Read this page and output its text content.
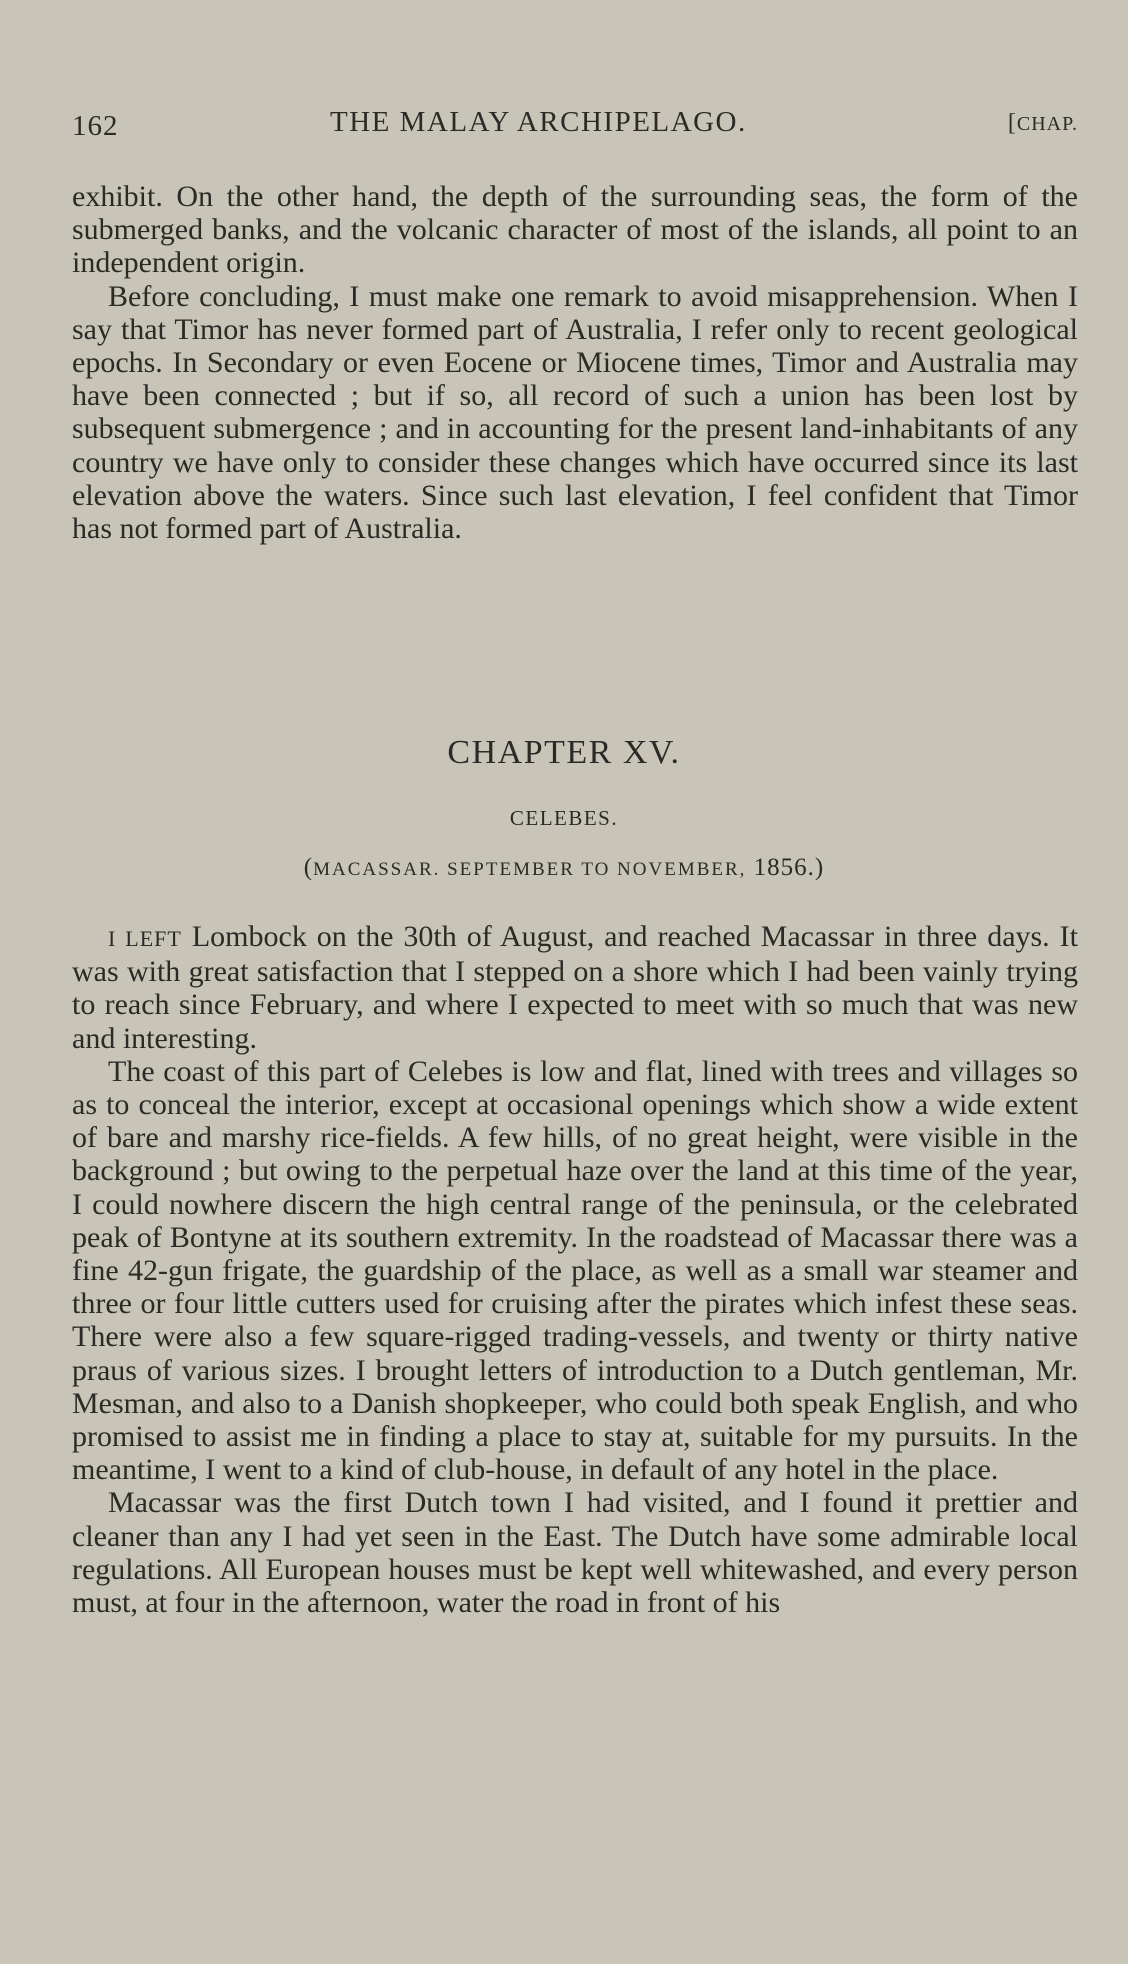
162	THE MALAY ARCHIPELAGO.	[CHAP.

exhibit. On the other hand, the depth of the surrounding seas, the form of the submerged banks, and the volcanic character of most of the islands, all point to an independent origin.

Before concluding, I must make one remark to avoid misapprehension. When I say that Timor has never formed part of Australia, I refer only to recent geological epochs. In Secondary or even Eocene or Miocene times, Timor and Australia may have been connected ; but if so, all record of such a union has been lost by subsequent submergence ; and in accounting for the present land-inhabitants of any country we have only to consider these changes which have occurred since its last elevation above the waters. Since such last elevation, I feel confident that Timor has not formed part of Australia.

CHAPTER XV.
CELEBES.
(MACASSAR. SEPTEMBER TO NOVEMBER, 1856.)

I LEFT Lombock on the 30th of August, and reached Macassar in three days. It was with great satisfaction that I stepped on a shore which I had been vainly trying to reach since February, and where I expected to meet with so much that was new and interesting.

The coast of this part of Celebes is low and flat, lined with trees and villages so as to conceal the interior, except at occasional openings which show a wide extent of bare and marshy rice-fields. A few hills, of no great height, were visible in the background ; but owing to the perpetual haze over the land at this time of the year, I could nowhere discern the high central range of the peninsula, or the celebrated peak of Bontyne at its southern extremity. In the roadstead of Macassar there was a fine 42-gun frigate, the guardship of the place, as well as a small war steamer and three or four little cutters used for cruising after the pirates which infest these seas. There were also a few square-rigged trading-vessels, and twenty or thirty native praus of various sizes. I brought letters of introduction to a Dutch gentleman, Mr. Mesman, and also to a Danish shopkeeper, who could both speak English, and who promised to assist me in finding a place to stay at, suitable for my pursuits. In the meantime, I went to a kind of club-house, in default of any hotel in the place.

Macassar was the first Dutch town I had visited, and I found it prettier and cleaner than any I had yet seen in the East. The Dutch have some admirable local regulations. All European houses must be kept well whitewashed, and every person must, at four in the afternoon, water the road in front of his
